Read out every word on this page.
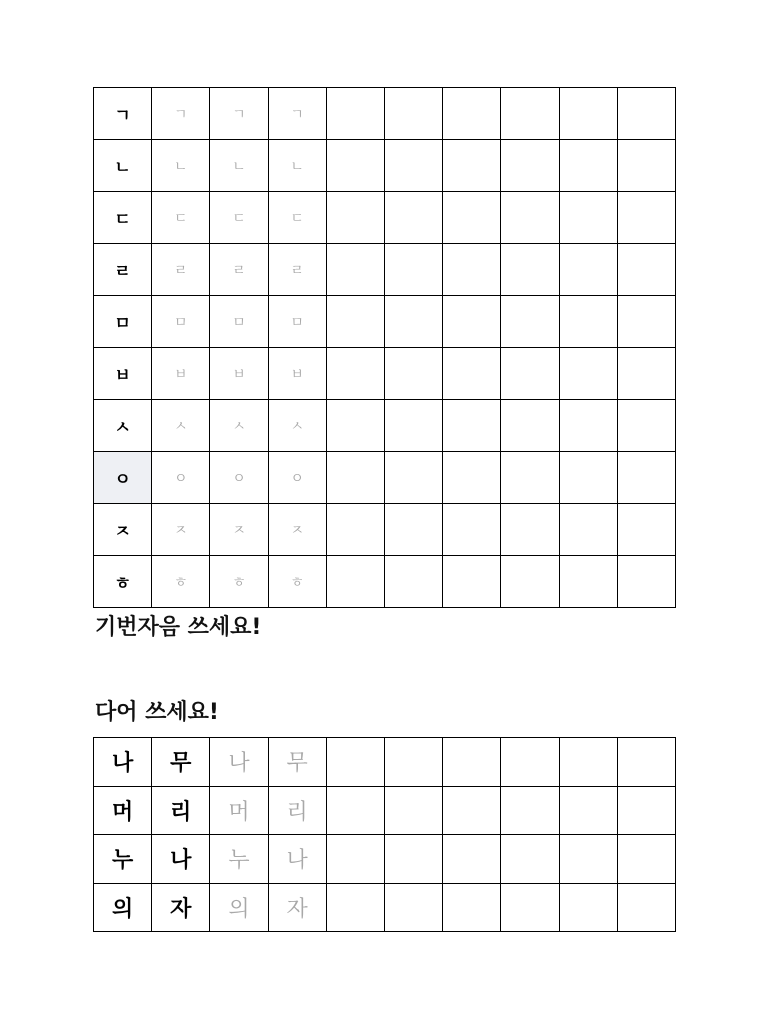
ㄱ	ㄱ	ㄱ	ㄱ						
ㄴ	ㄴ	ㄴ	ㄴ						
ㄷ	ㄷ	ㄷ	ㄷ						
ㄹ	ㄹ	ㄹ	ㄹ						
ㅁ	ㅁ	ㅁ	ㅁ						
ㅂ	ㅂ	ㅂ	ㅂ						
ㅅ	ㅅ	ㅅ	ㅅ						
ㅇ	ㅇ	ㅇ	ㅇ						
ㅈ	ㅈ	ㅈ	ㅈ						
ㅎ	ㅎ	ㅎ	ㅎ						

기번자음 쓰세요!

다어 쓰세요!

나	무	나	무						
머	리	머	리						
누	나	누	나						
의	자	의	자						
